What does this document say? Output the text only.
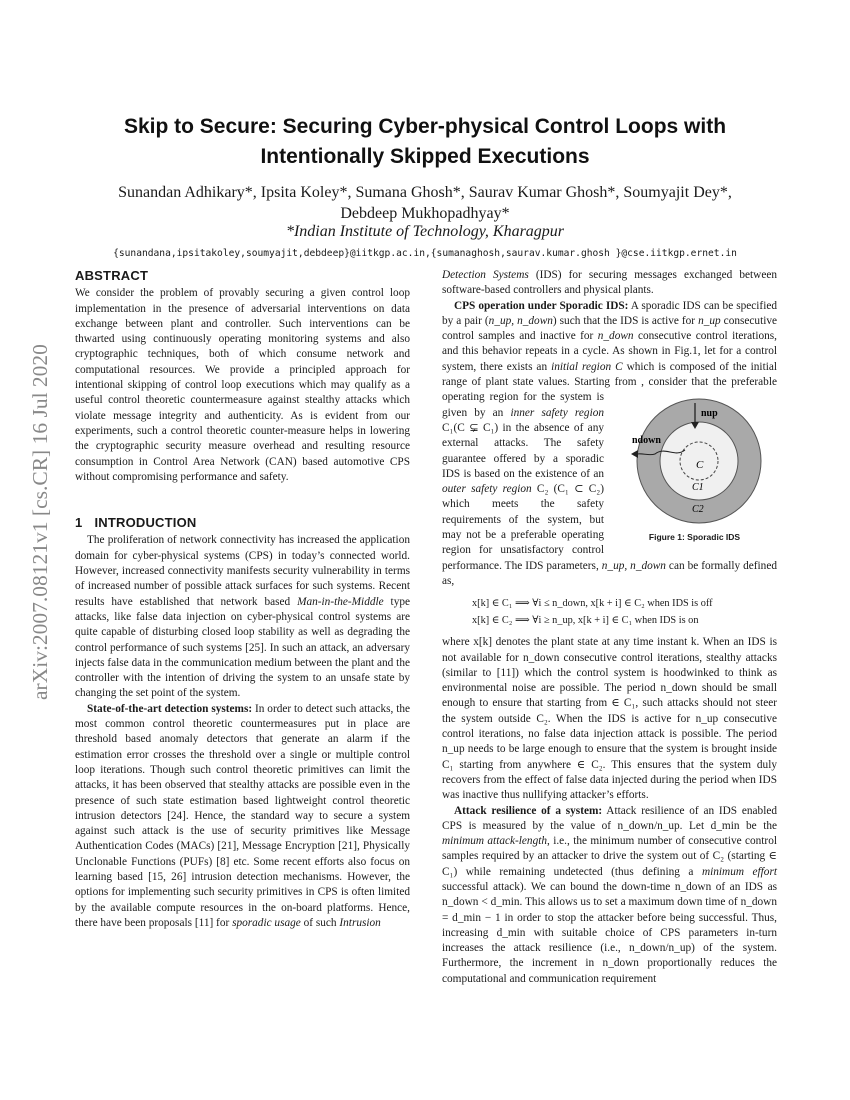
arXiv:2007.08121v1 [cs.CR] 16 Jul 2020
Skip to Secure: Securing Cyber-physical Control Loops with Intentionally Skipped Executions
Sunandan Adhikary*, Ipsita Koley*, Sumana Ghosh*, Saurav Kumar Ghosh*, Soumyajit Dey*,
Debdeep Mukhopadhyay*
*Indian Institute of Technology, Kharagpur
{sunandana,ipsitakoley,soumyajit,debdeep}@iitkgp.ac.in,{sumanaghosh,saurav.kumar.ghosh }@cse.iitkgp.ernet.in
ABSTRACT

We consider the problem of provably securing a given control loop implementation in the presence of adversarial interventions on data exchange between plant and controller. Such interventions can be thwarted using continuously operating monitoring systems and also cryptographic techniques, both of which consume network and computational resources. We provide a principled approach for intentional skipping of control loop executions which may qualify as a useful control theoretic countermeasure against stealthy attacks which violate message integrity and authenticity. As is evident from our experiments, such a control theoretic counter-measure helps in lowering the cryptographic security measure overhead and resulting resource consumption in Control Area Network (CAN) based automotive CPS without compromising performance and safety.

1 INTRODUCTION

The proliferation of network connectivity has increased the application domain for cyber-physical systems (CPS) in today’s connected world. However, increased connectivity manifests security vulnerability in terms of increased number of possible attack surfaces for such systems. Recent results have established that network based Man-in-the-Middle type attacks, like false data injection on cyber-physical control systems are quite capable of disturbing closed loop stability as well as degrading the control performance of such systems [25]. In such an attack, an adversary injects false data in the communication medium between the plant and the controller with the intention of driving the system to an unsafe state by changing the set point of the system.

State-of-the-art detection systems: In order to detect such attacks, the most common control theoretic countermeasures put in place are threshold based anomaly detectors that generate an alarm if the estimation error crosses the threshold over a single or multiple control loop iterations. Though such control theoretic primitives can limit the attacks, it has been observed that stealthy attacks are possible even in the presence of such state estimation based lightweight control theoretic intrusion detectors [24]. Hence, the standard way to secure a system against such attack is the use of security primitives like Message Authentication Codes (MACs) [21], Message Encryption [21], Physically Unclonable Functions (PUFs) [8] etc. Some recent efforts also focus on learning based [15, 26] intrusion detection mechanisms. However, the options for implementing such security primitives in CPS is often limited by the available compute resources in the on-board platforms. Hence, there have been proposals [11] for sporadic usage of such Intrusion

Detection Systems (IDS) for securing messages exchanged between software-based controllers and physical plants.

CPS operation under Sporadic IDS: A sporadic IDS can be specified by a pair (n_up, n_down) such that the IDS is active for n_up consecutive control samples and inactive for n_down consecutive control iterations, and this behavior repeats in a cycle. As shown in Fig.1, let for a control system, there exists an initial region C which is composed of the initial range of plant state values. Starting from
nup
ndown
C
C1
C2
Figure 1: Sporadic IDS
, consider that the preferable operating region for the system is given by an inner safety region C₁(C ⊊ C₁) in the absence of any external attacks. The safety guarantee offered by a sporadic IDS is based on the existence of an outer safety region C₂ (C₁ ⊂ C₂) which meets the safety requirements of the system, but may not be a preferable operating region for unsatisfactory control performance. The IDS parameters, n_up, n_down can be formally defined as,

x[k] ∈ C₁ ⟹ ∀i ≤ n_down, x[k + i] ∈ C₂ when IDS is off
x[k] ∈ C₂ ⟹ ∀i ≥ n_up, x[k + i] ∈ C₁ when IDS is on

where x[k] denotes the plant state at any time instant k. When an IDS is not available for n_down consecutive control iterations, stealthy attacks (similar to [11]) which the control system is hoodwinked to think as environmental noise are possible. The period n_down should be small enough to ensure that starting from ∈ C₁, such attacks should not steer the system outside C₂. When the IDS is active for n_up consecutive control iterations, no false data injection attack is possible. The period n_up needs to be large enough to ensure that the system is brought inside C₁ starting from anywhere ∈ C₂. This ensures that the system duly recovers from the effect of false data injected during the period when IDS was inactive thus nullifying attacker’s efforts.

Attack resilience of a system: Attack resilience of an IDS enabled CPS is measured by the value of n_down/n_up. Let d_min be the minimum attack-length, i.e., the minimum number of consecutive control samples required by an attacker to drive the system out of C₂ (starting ∈ C₁) while remaining undetected (thus defining a minimum effort successful attack). We can bound the down-time n_down of an IDS as n_down < d_min. This allows us to set a maximum down time of n_down = d_min − 1 in order to stop the attacker before being successful. Thus, increasing d_min with suitable choice of CPS parameters in-turn increases the attack resilience (i.e., n_down/n_up) of the system. Furthermore, the increment in n_down proportionally reduces the computational and communication requirement
